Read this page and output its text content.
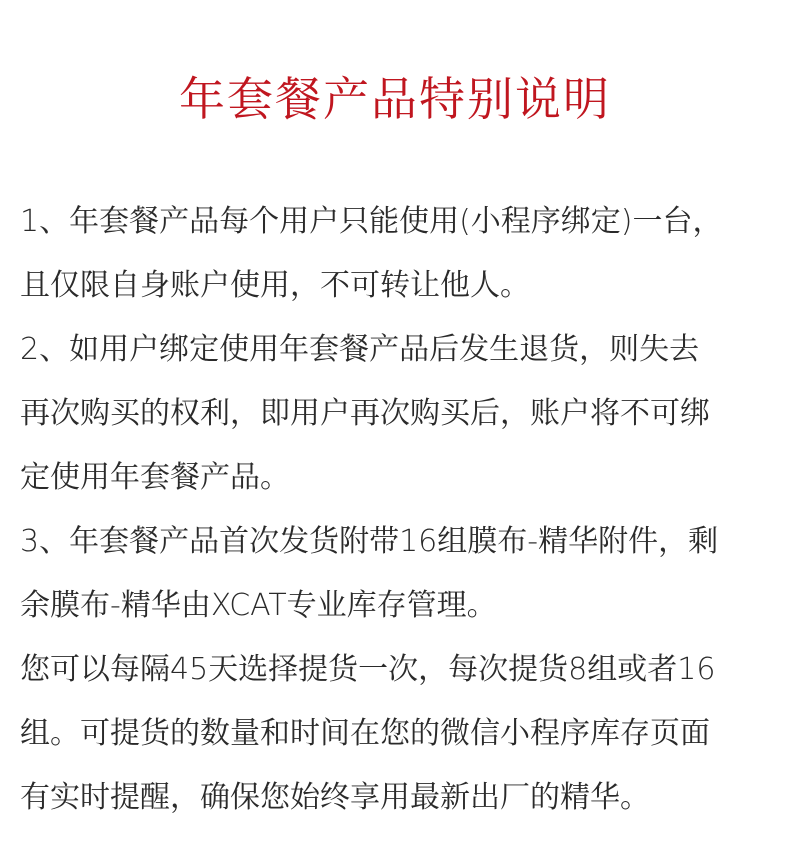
年套餐产品特别说明
1、年套餐产品每个用户只能使用(小程序绑定)一台，
且仅限自身账户使用，不可转让他人。
2、如用户绑定使用年套餐产品后发生退货，则失去
再次购买的权利，即用户再次购买后，账户将不可绑
定使用年套餐产品。
3、年套餐产品首次发货附带16组膜布-精华附件，剩
余膜布-精华由XCAT专业库存管理。
您可以每隔45天选择提货一次，每次提货8组或者16
组。可提货的数量和时间在您的微信小程序库存页面
有实时提醒，确保您始终享用最新出厂的精华。
